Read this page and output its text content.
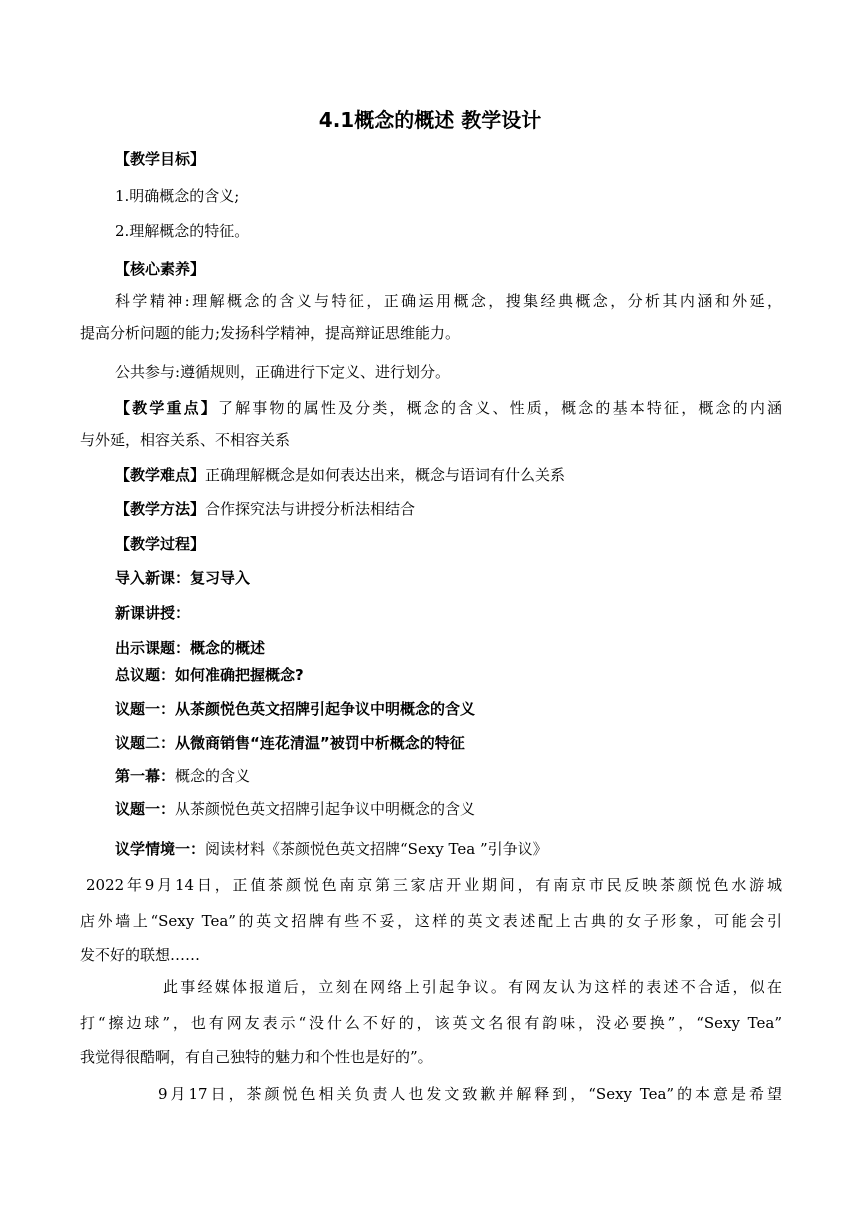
4.1概念的概述 教学设计
【教学目标】
1.明确概念的含义;
2.理解概念的特征。
【核心素养】
科学精神:理解概念的含义与特征，正确运用概念，搜集经典概念，分析其内涵和外延，
提高分析问题的能力;发扬科学精神，提高辩证思维能力。
公共参与:遵循规则，正确进行下定义、进行划分。
【教学重点】了解事物的属性及分类，概念的含义、性质，概念的基本特征，概念的内涵
与外延，相容关系、不相容关系
【教学难点】正确理解概念是如何表达出来，概念与语词有什么关系
【教学方法】合作探究法与讲授分析法相结合
【教学过程】
导入新课：复习导入
新课讲授：
出示课题：概念的概述
总议题：如何准确把握概念?
议题一：从茶颜悦色英文招牌引起争议中明概念的含义
议题二：从微商销售“连花清温”被罚中析概念的特征
第一幕：概念的含义
议题一：从茶颜悦色英文招牌引起争议中明概念的含义
议学情境一：阅读材料《茶颜悦色英文招牌“Sexy Tea ”引争议》
2022年9月14日，正值茶颜悦色南京第三家店开业期间，有南京市民反映茶颜悦色水游城
店外墙上“Sexy Tea”的英文招牌有些不妥，这样的英文表述配上古典的女子形象，可能会引
发不好的联想……
此事经媒体报道后，立刻在网络上引起争议。有网友认为这样的表述不合适，似在
打“擦边球”，也有网友表示“没什么不好的，该英文名很有韵味，没必要换”，“Sexy Tea”
我觉得很酷啊，有自己独特的魅力和个性也是好的”。
9月17日，茶颜悦色相关负责人也发文致歉并解释到，“Sexy Tea”的本意是希望
